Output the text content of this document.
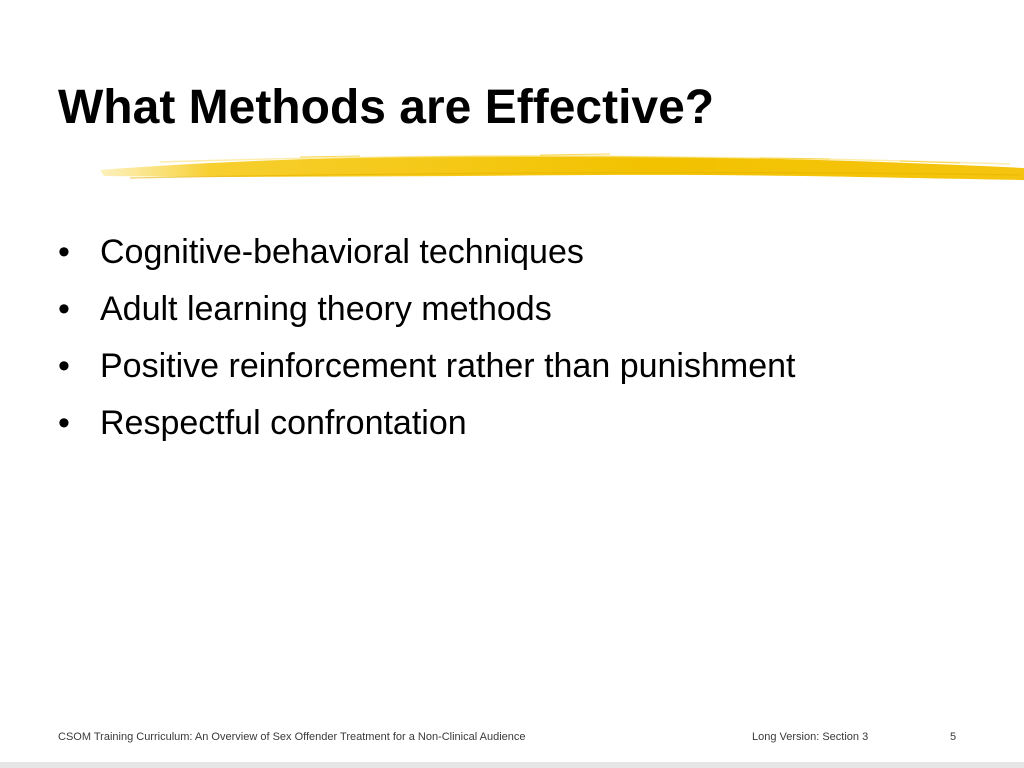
What Methods are Effective?
• Cognitive-behavioral techniques
• Adult learning theory methods
• Positive reinforcement rather than punishment
• Respectful confrontation
CSOM Training Curriculum: An Overview of Sex Offender Treatment for a Non-Clinical Audience	Long Version: Section 3	5
